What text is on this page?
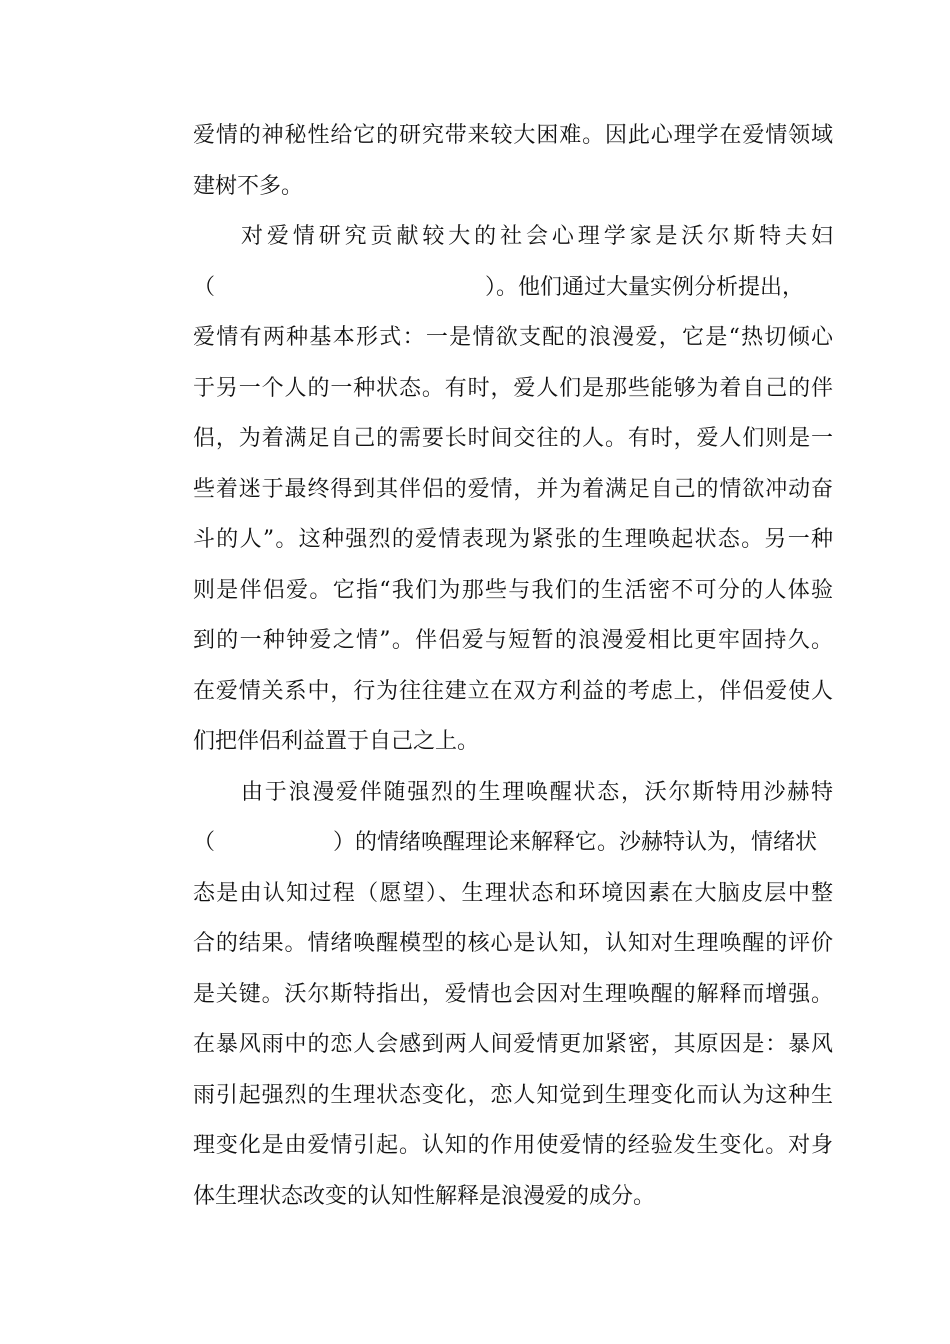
爱情的神秘性给它的研究带来较大困难。因此心理学在爱情领域
建树不多。
对爱情研究贡献较大的社会心理学家是沃尔斯特夫妇
（	）。他们通过大量实例分析提出，
爱情有两种基本形式：一是情欲支配的浪漫爱，它是“热切倾心
于另一个人的一种状态。有时，爱人们是那些能够为着自己的伴
侣，为着满足自己的需要长时间交往的人。有时，爱人们则是一
些着迷于最终得到其伴侣的爱情，并为着满足自己的情欲冲动奋
斗的人”。这种强烈的爱情表现为紧张的生理唤起状态。另一种
则是伴侣爱。它指“我们为那些与我们的生活密不可分的人体验
到的一种钟爱之情”。伴侣爱与短暂的浪漫爱相比更牢固持久。
在爱情关系中，行为往往建立在双方利益的考虑上，伴侣爱使人
们把伴侣利益置于自己之上。
由于浪漫爱伴随强烈的生理唤醒状态，沃尔斯特用沙赫特
（	）的情绪唤醒理论来解释它。沙赫特认为，情绪状
态是由认知过程（愿望）、生理状态和环境因素在大脑皮层中整
合的结果。情绪唤醒模型的核心是认知，认知对生理唤醒的评价
是关键。沃尔斯特指出，爱情也会因对生理唤醒的解释而增强。
在暴风雨中的恋人会感到两人间爱情更加紧密，其原因是：暴风
雨引起强烈的生理状态变化，恋人知觉到生理变化而认为这种生
理变化是由爱情引起。认知的作用使爱情的经验发生变化。对身
体生理状态改变的认知性解释是浪漫爱的成分。
